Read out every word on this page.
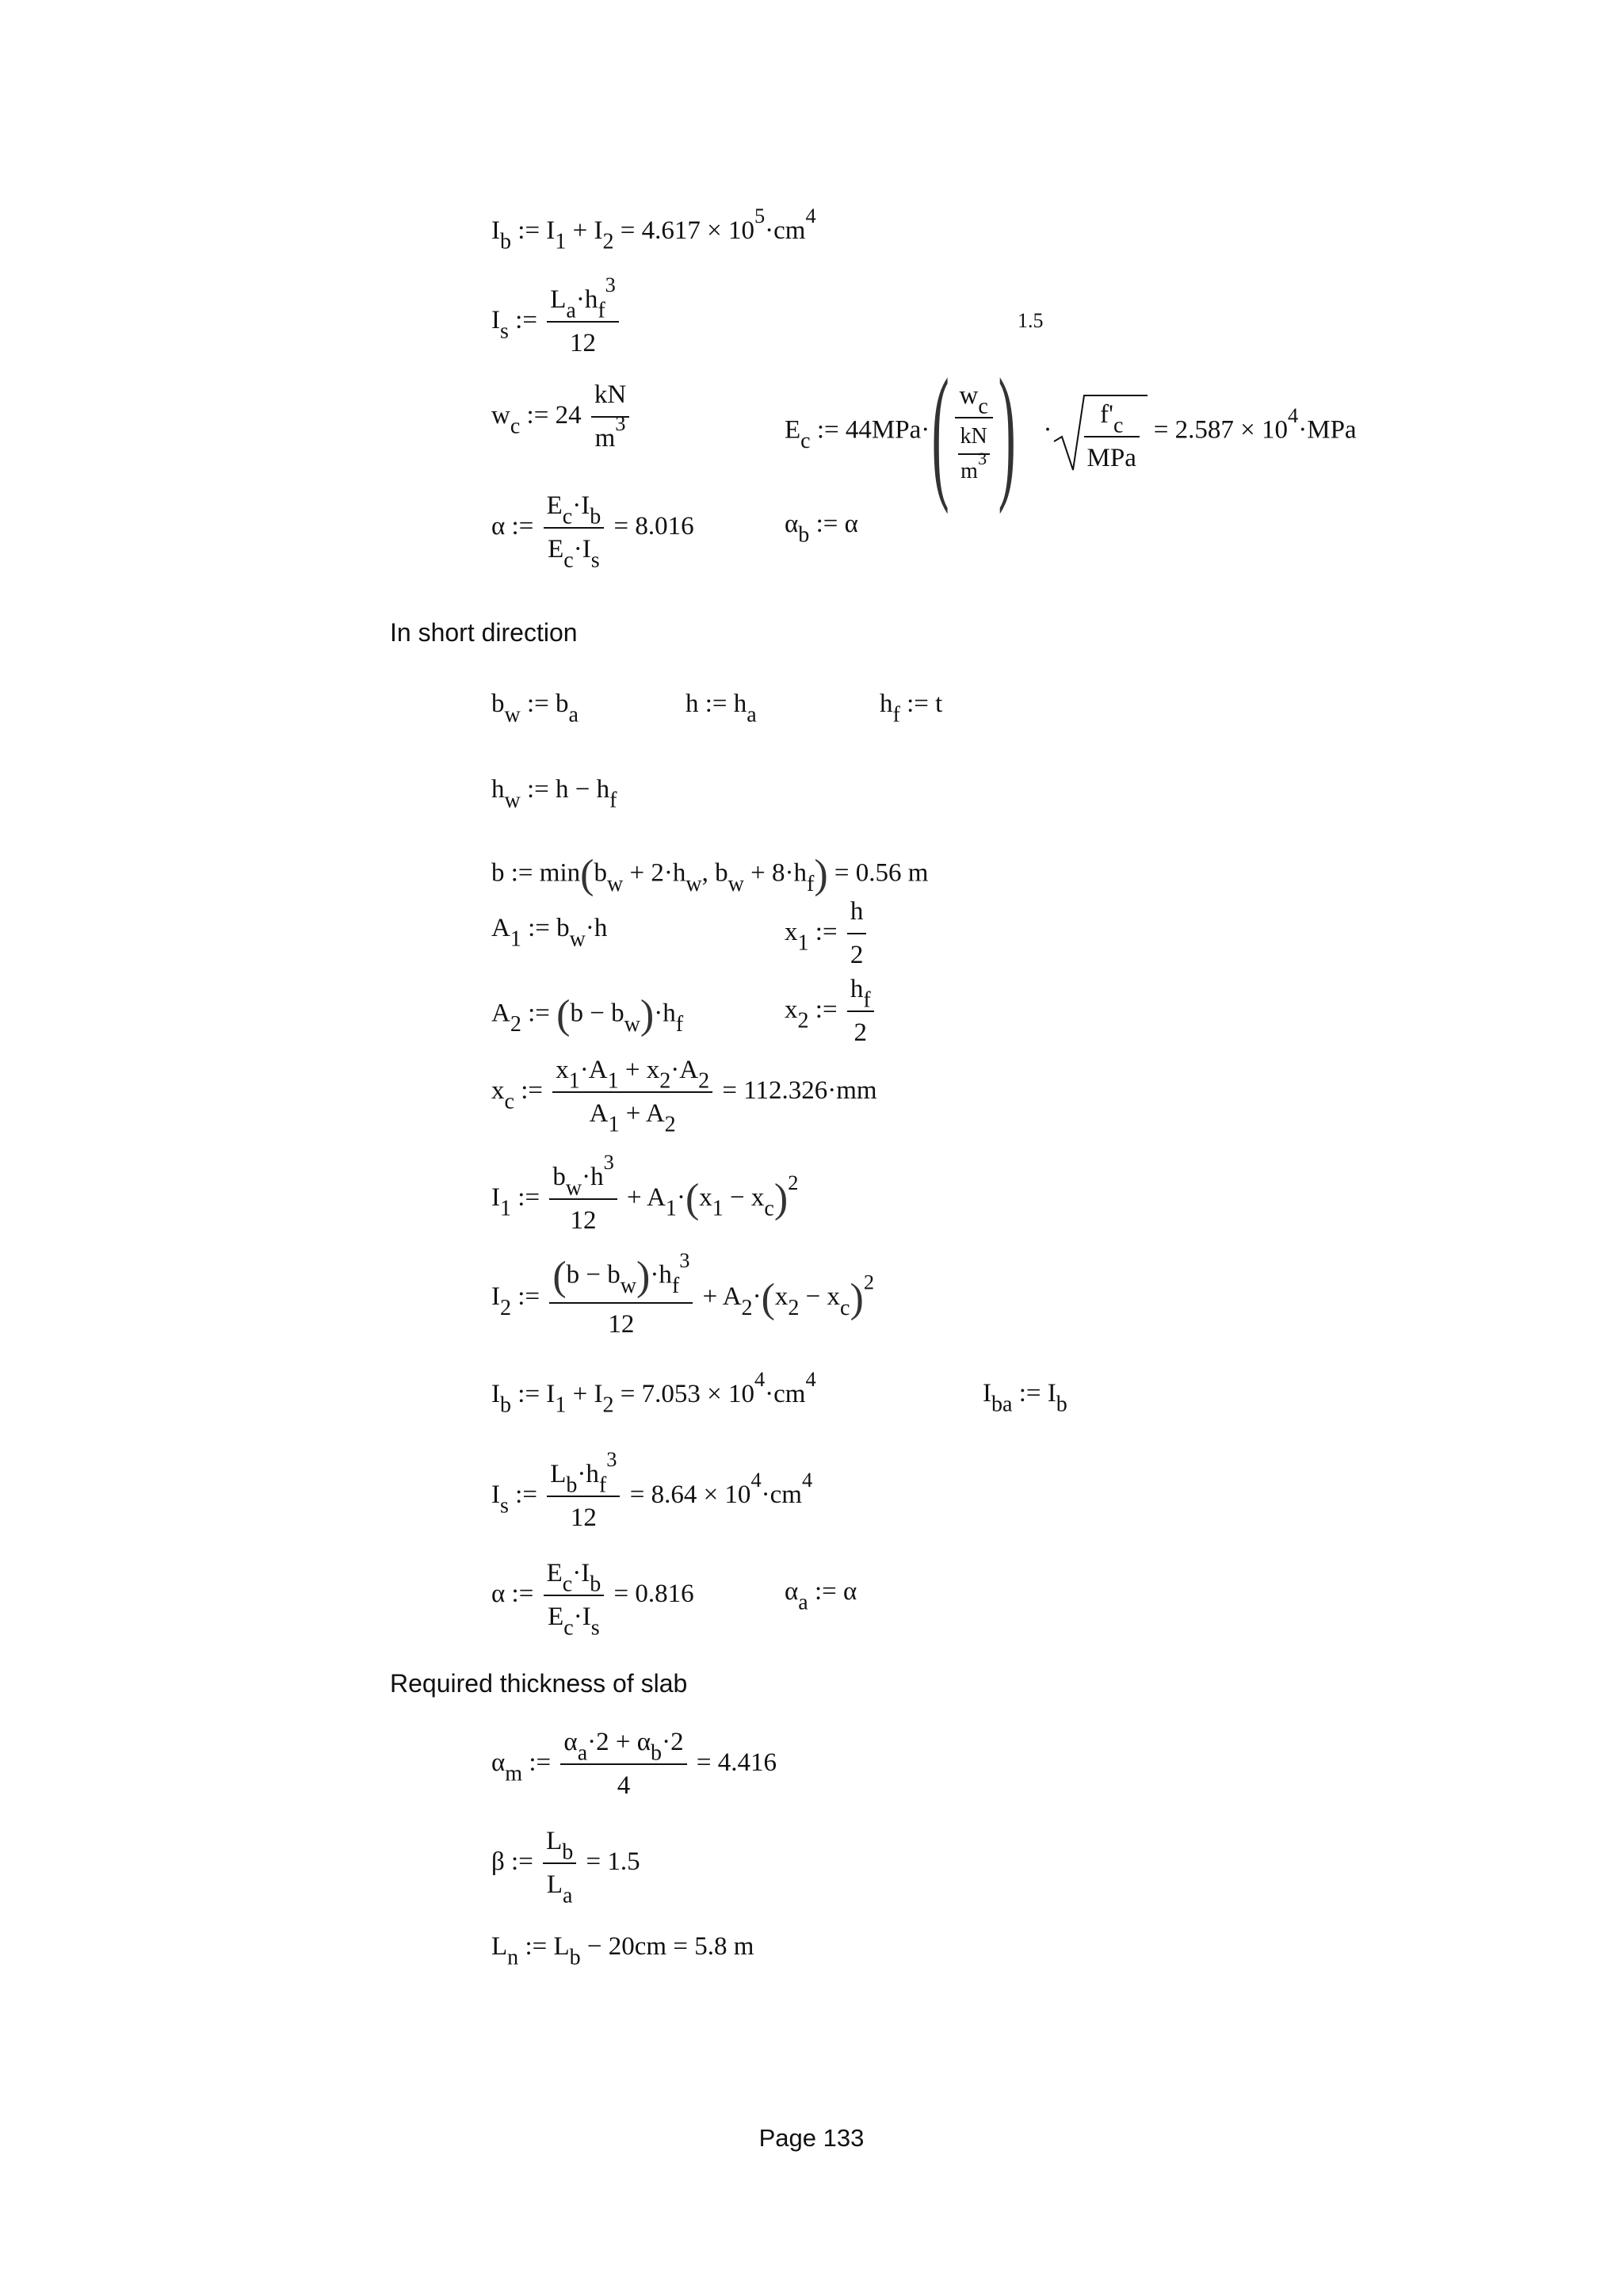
$I_b$ := $I_1 + I_2 = 4.617 \times 10^5\cdot cm^4$
$I_s$ := $\frac{L_a\cdot h_f^3}{12}$
$w_c$ := $24 \frac{kN}{m^3}$	$E_c$ := 44MPa·( $w_c$
$\frac{kN}{m^3} )1.5\cdot$
$f'_c$
MPa
= $2.587 \times 10^4\cdot MPa$
α := $\frac{E_c\cdot I_b}{E_c\cdot I_s} = 8.016$	$\alpha_b$ := α
In short direction
$b_w$ := $b_a$	h := $h_a$	$h_f$ := t
$h_w$ := $h - h_f$
b := $\min(b_w + 2\cdot h_w$, $b_w + 8\cdot h_f) = 0.56$ m
$A_1$ := $b_w\cdot h$	$x_1$ := $\frac{h}{2}$
$A_2$ := $(b - b_w)\cdot h_f$
$x_2$ := $\frac{h_f}{2}$
$x_c$ := $\frac{x_1\cdot A_1 + x_2\cdot A_2}{A_1 + A_2} = 112.326\cdot mm$
$I_1$ := $\frac{b_w\cdot h^3}{12} + A_1\cdot(x_1 - x_c)^2$
$I_2$ := $\frac{(b - b_w)\cdot h_f^3}{12} + A_2\cdot(x_2 - x_c)^2$
$I_b$ := $I_1 + I_2 = 7.053 \times 10^4\cdot cm^4$	$I_{ba}$ := $I_b$
$I_s$ := $\frac{L_b\cdot h_f^3}{12} = 8.64 \times 10^4\cdot cm^4$
α := $\frac{E_c\cdot I_b}{E_c\cdot I_s} = 0.816$	$\alpha_a$ := α
Required thickness of slab
$\alpha_m$ := $\frac{\alpha_a\cdot 2 + \alpha_b\cdot 2}{4} = 4.416$
β := $\frac{L_b}{L_a} = 1.5$
$L_n$ := $L_b - 20cm = 5.8$ m
Page 133
